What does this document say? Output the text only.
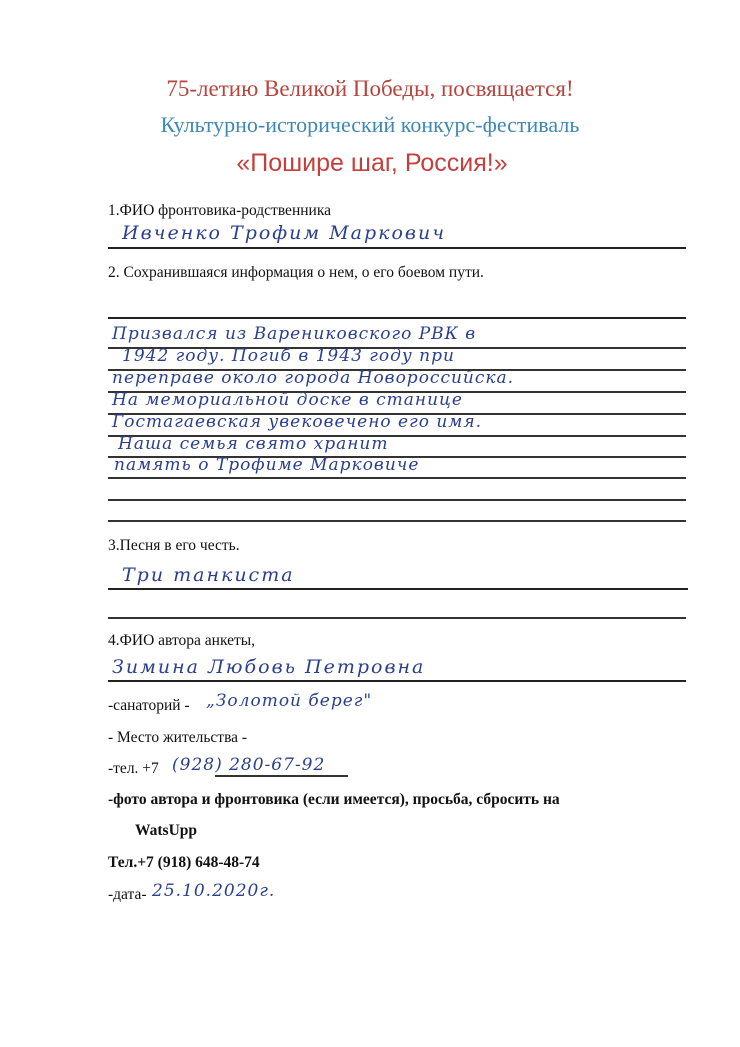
75-летию Великой Победы, посвящается!
Культурно-исторический конкурс-фестиваль
«Пошире шаг, Россия!»
1.ФИО фронтовика-родственника
Ивченко Трофим Маркович
2. Сохранившаяся информация о нем, о его боевом пути.
Призвался из Варениковского РВК в
1942 году. Погиб в 1943 году при
переправе около города Новороссийска.
На мемориальной доске в станице
Гостагаевская увековечено его имя.
Наша семья свято хранит
память о Трофиме Марковиче
3.Песня в его честь.
Три танкиста
4.ФИО автора анкеты,
Зимина Любовь Петровна
-санаторий - „Золотой берег"
- Место жительства -
-тел. +7 (928) 280-67-92
-фото автора и фронтовика (если имеется), просьба, сбросить на
WatsUpp
Тел.+7 (918) 648-48-74
-дата- 25.10.2020г.
